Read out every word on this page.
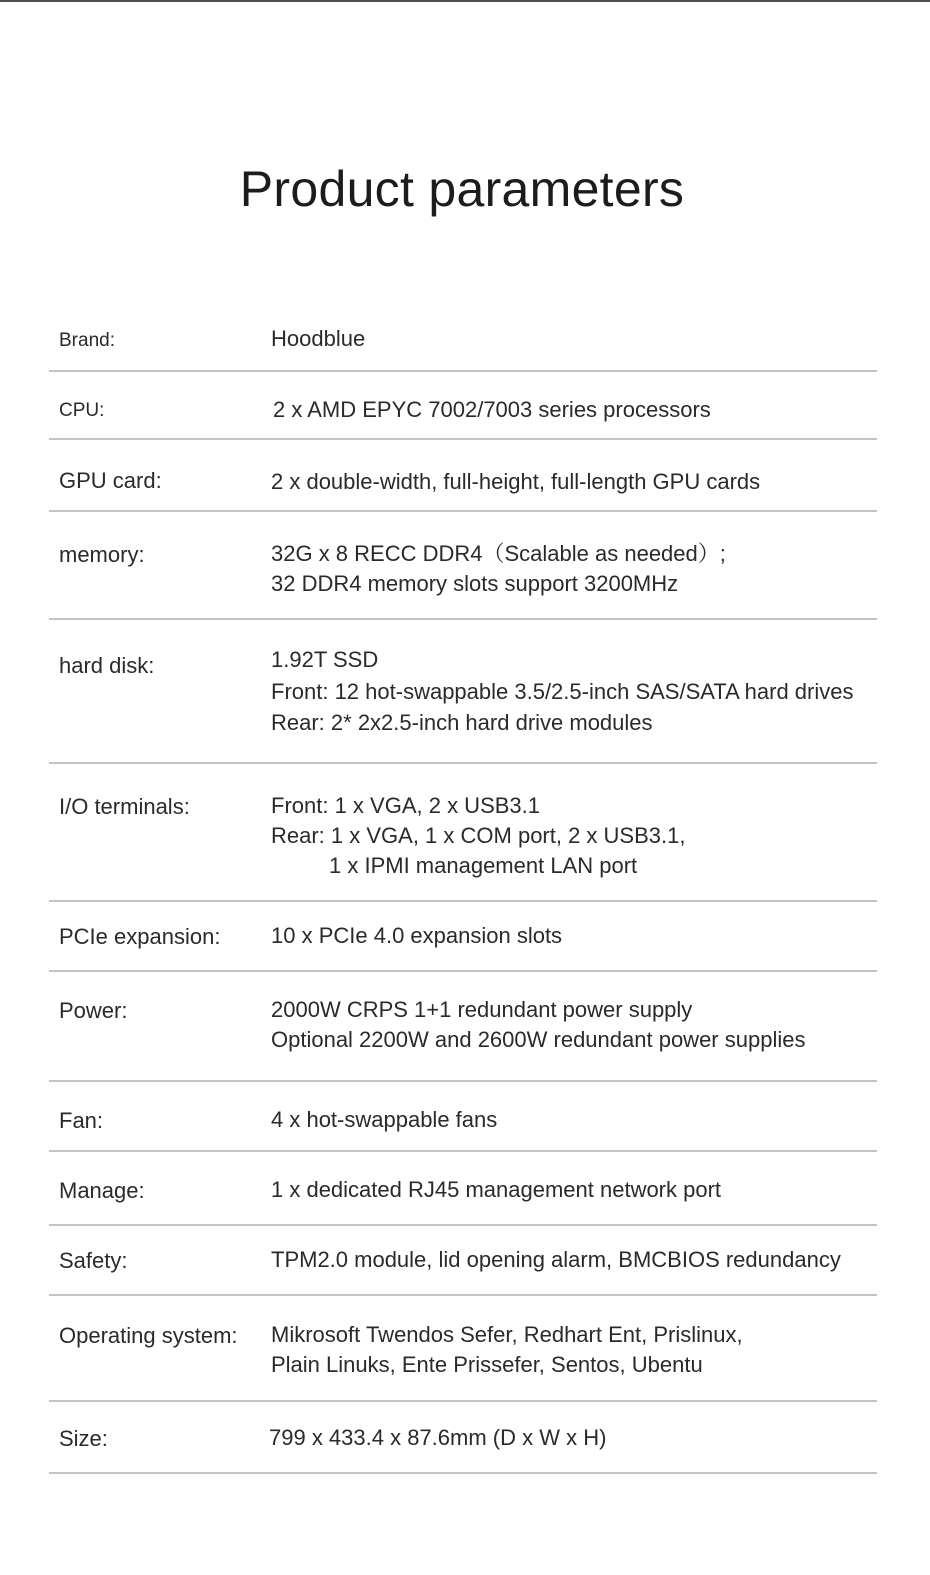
Product parameters
Brand:	Hoodblue
CPU:	2 x AMD EPYC 7002/7003 series processors
GPU card:	2 x double-width, full-height, full-length GPU cards
memory:	32G x 8 RECC DDR4（Scalable as needed）;
32 DDR4 memory slots support 3200MHz
hard disk:	1.92T SSD
Front: 12 hot-swappable 3.5/2.5-inch SAS/SATA hard drives
Rear: 2* 2x2.5-inch hard drive modules
I/O terminals:	Front: 1 x VGA, 2 x USB3.1
Rear: 1 x VGA, 1 x COM port, 2 x USB3.1,
1 x IPMI management LAN port
PCIe expansion: 10 x PCIe 4.0 expansion slots
Power:	2000W CRPS 1+1 redundant power supply
Optional 2200W and 2600W redundant power supplies
Fan:	4 x hot-swappable fans
Manage:	1 x dedicated RJ45 management network port
Safety:	TPM2.0 module, lid opening alarm, BMCBIOS redundancy
Operating system: Mikrosoft Twendos Sefer, Redhart Ent, Prislinux,
Plain Linuks, Ente Prissefer, Sentos, Ubentu
Size:	799 x 433.4 x 87.6mm (D x W x H)
